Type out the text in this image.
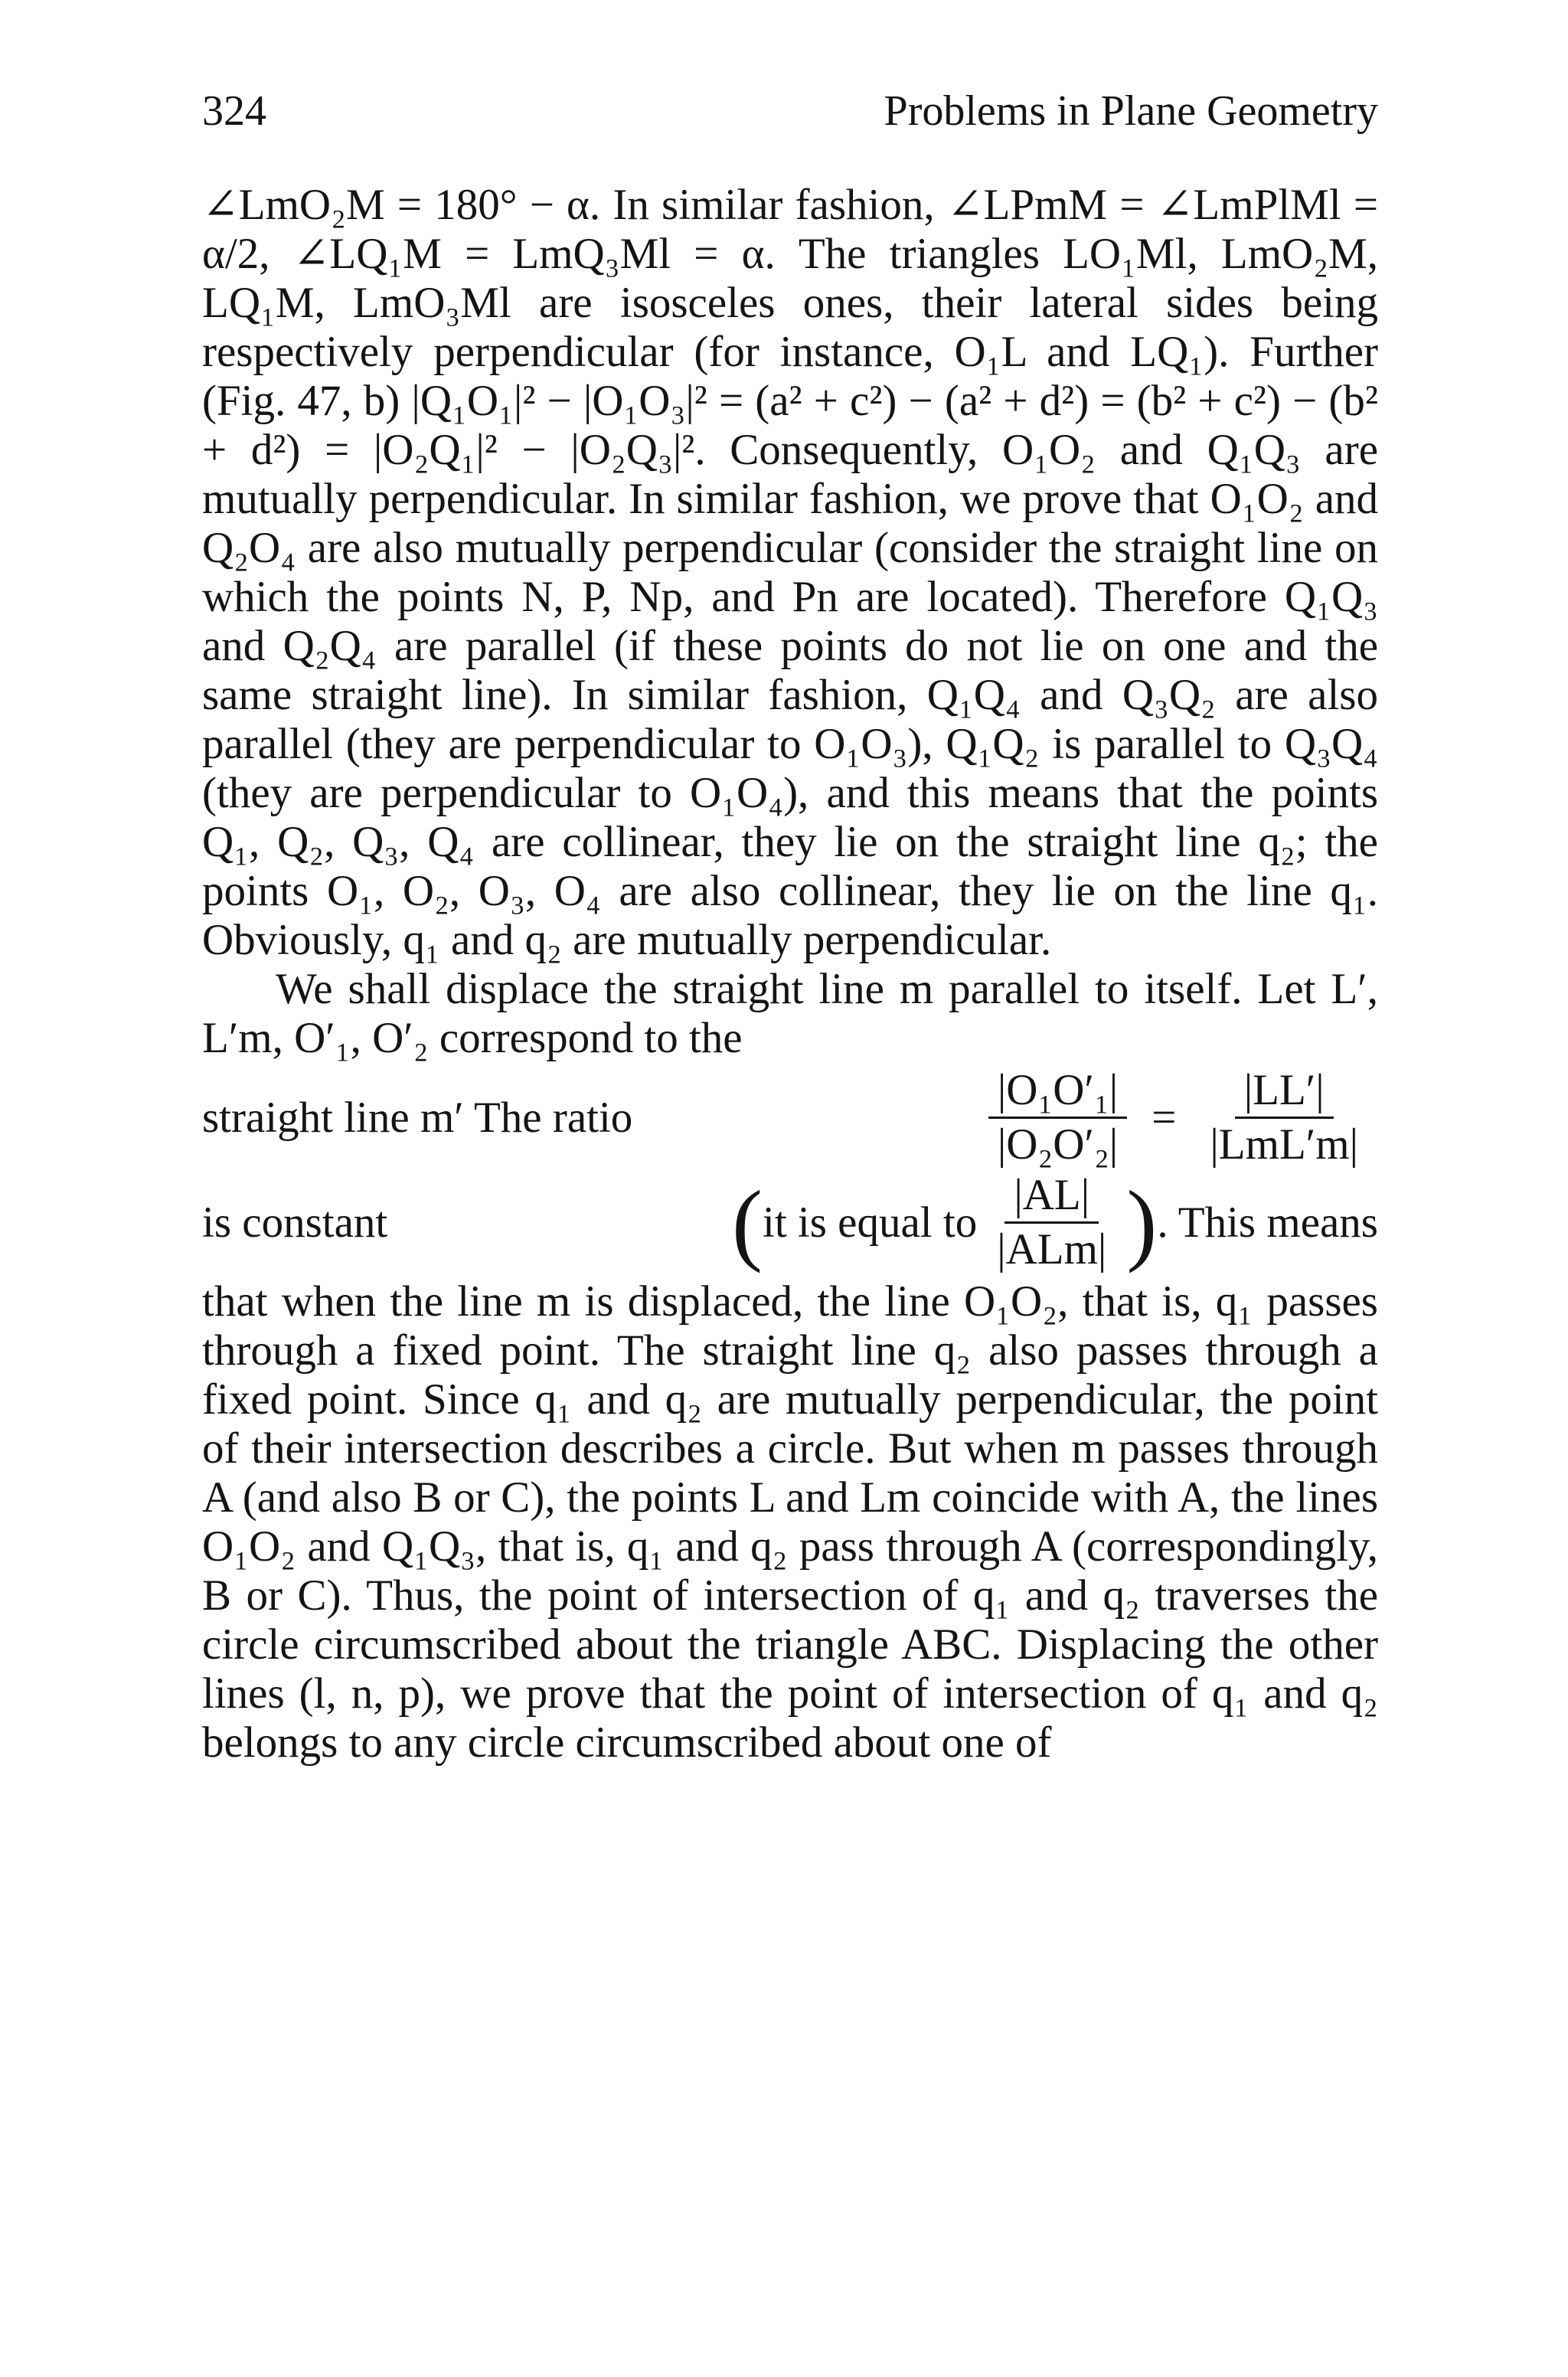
324	Problems in Plane Geometry

∠LmO₂M = 180° − α. In similar fashion, ∠LPmM = ∠LmPlMl = α/2, ∠LQ₁M = LmQ₃Ml = α. The triangles LO₁Ml, LmO₂M, LQ₁M, LmO₃Ml are isosceles ones, their lateral sides being respectively perpendicular (for instance, O₁L and LQ₁). Further (Fig. 47, b) |Q₁O₁|² − |O₁O₃|² = (a² + c²) − (a² + d²) = (b² + c²) − (b² + d²) = |O₂Q₁|² − |O₂Q₃|². Consequently, O₁O₂ and Q₁Q₃ are mutually perpendicular. In similar fashion, we prove that O₁O₂ and Q₂O₄ are also mutually perpendicular (consider the straight line on which the points N, P, Np, and Pn are located). Therefore Q₁Q₃ and Q₂Q₄ are parallel (if these points do not lie on one and the same straight line). In similar fashion, Q₁Q₄ and Q₃Q₂ are also parallel (they are perpendicular to O₁O₃), Q₁Q₂ is parallel to Q₃Q₄ (they are perpendicular to O₁O₄), and this means that the points Q₁, Q₂, Q₃, Q₄ are collinear, they lie on the straight line q₂; the points O₁, O₂, O₃, O₄ are also collinear, they lie on the line q₁. Obviously, q₁ and q₂ are mutually perpendicular.

We shall displace the straight line m parallel to itself. Let L′, L′m, O′₁, O′₂ correspond to the

straight line m′ The ratio	$\frac{\text{|O₁O′₁|}}{\text{|O₂O′₂|}} = \frac{|LL'|}{\text{|LmL′m|}}$
is constant	( it is equal to $\frac{|AL|}{\text{|ALm|}}$ ) . This means

that when the line m is displaced, the line O₁O₂, that is, q₁ passes through a fixed point. The straight line q₂ also passes through a fixed point. Since q₁ and q₂ are mutually perpendicular, the point of their intersection describes a circle. But when m passes through A (and also B or C), the points L and Lm coincide with A, the lines O₁O₂ and Q₁Q₃, that is, q₁ and q₂ pass through A (correspondingly, B or C). Thus, the point of intersection of q₁ and q₂ traverses the circle circumscribed about the triangle ABC. Displacing the other lines (l, n, p), we prove that the point of intersection of q₁ and q₂ belongs to any circle circumscribed about one of
